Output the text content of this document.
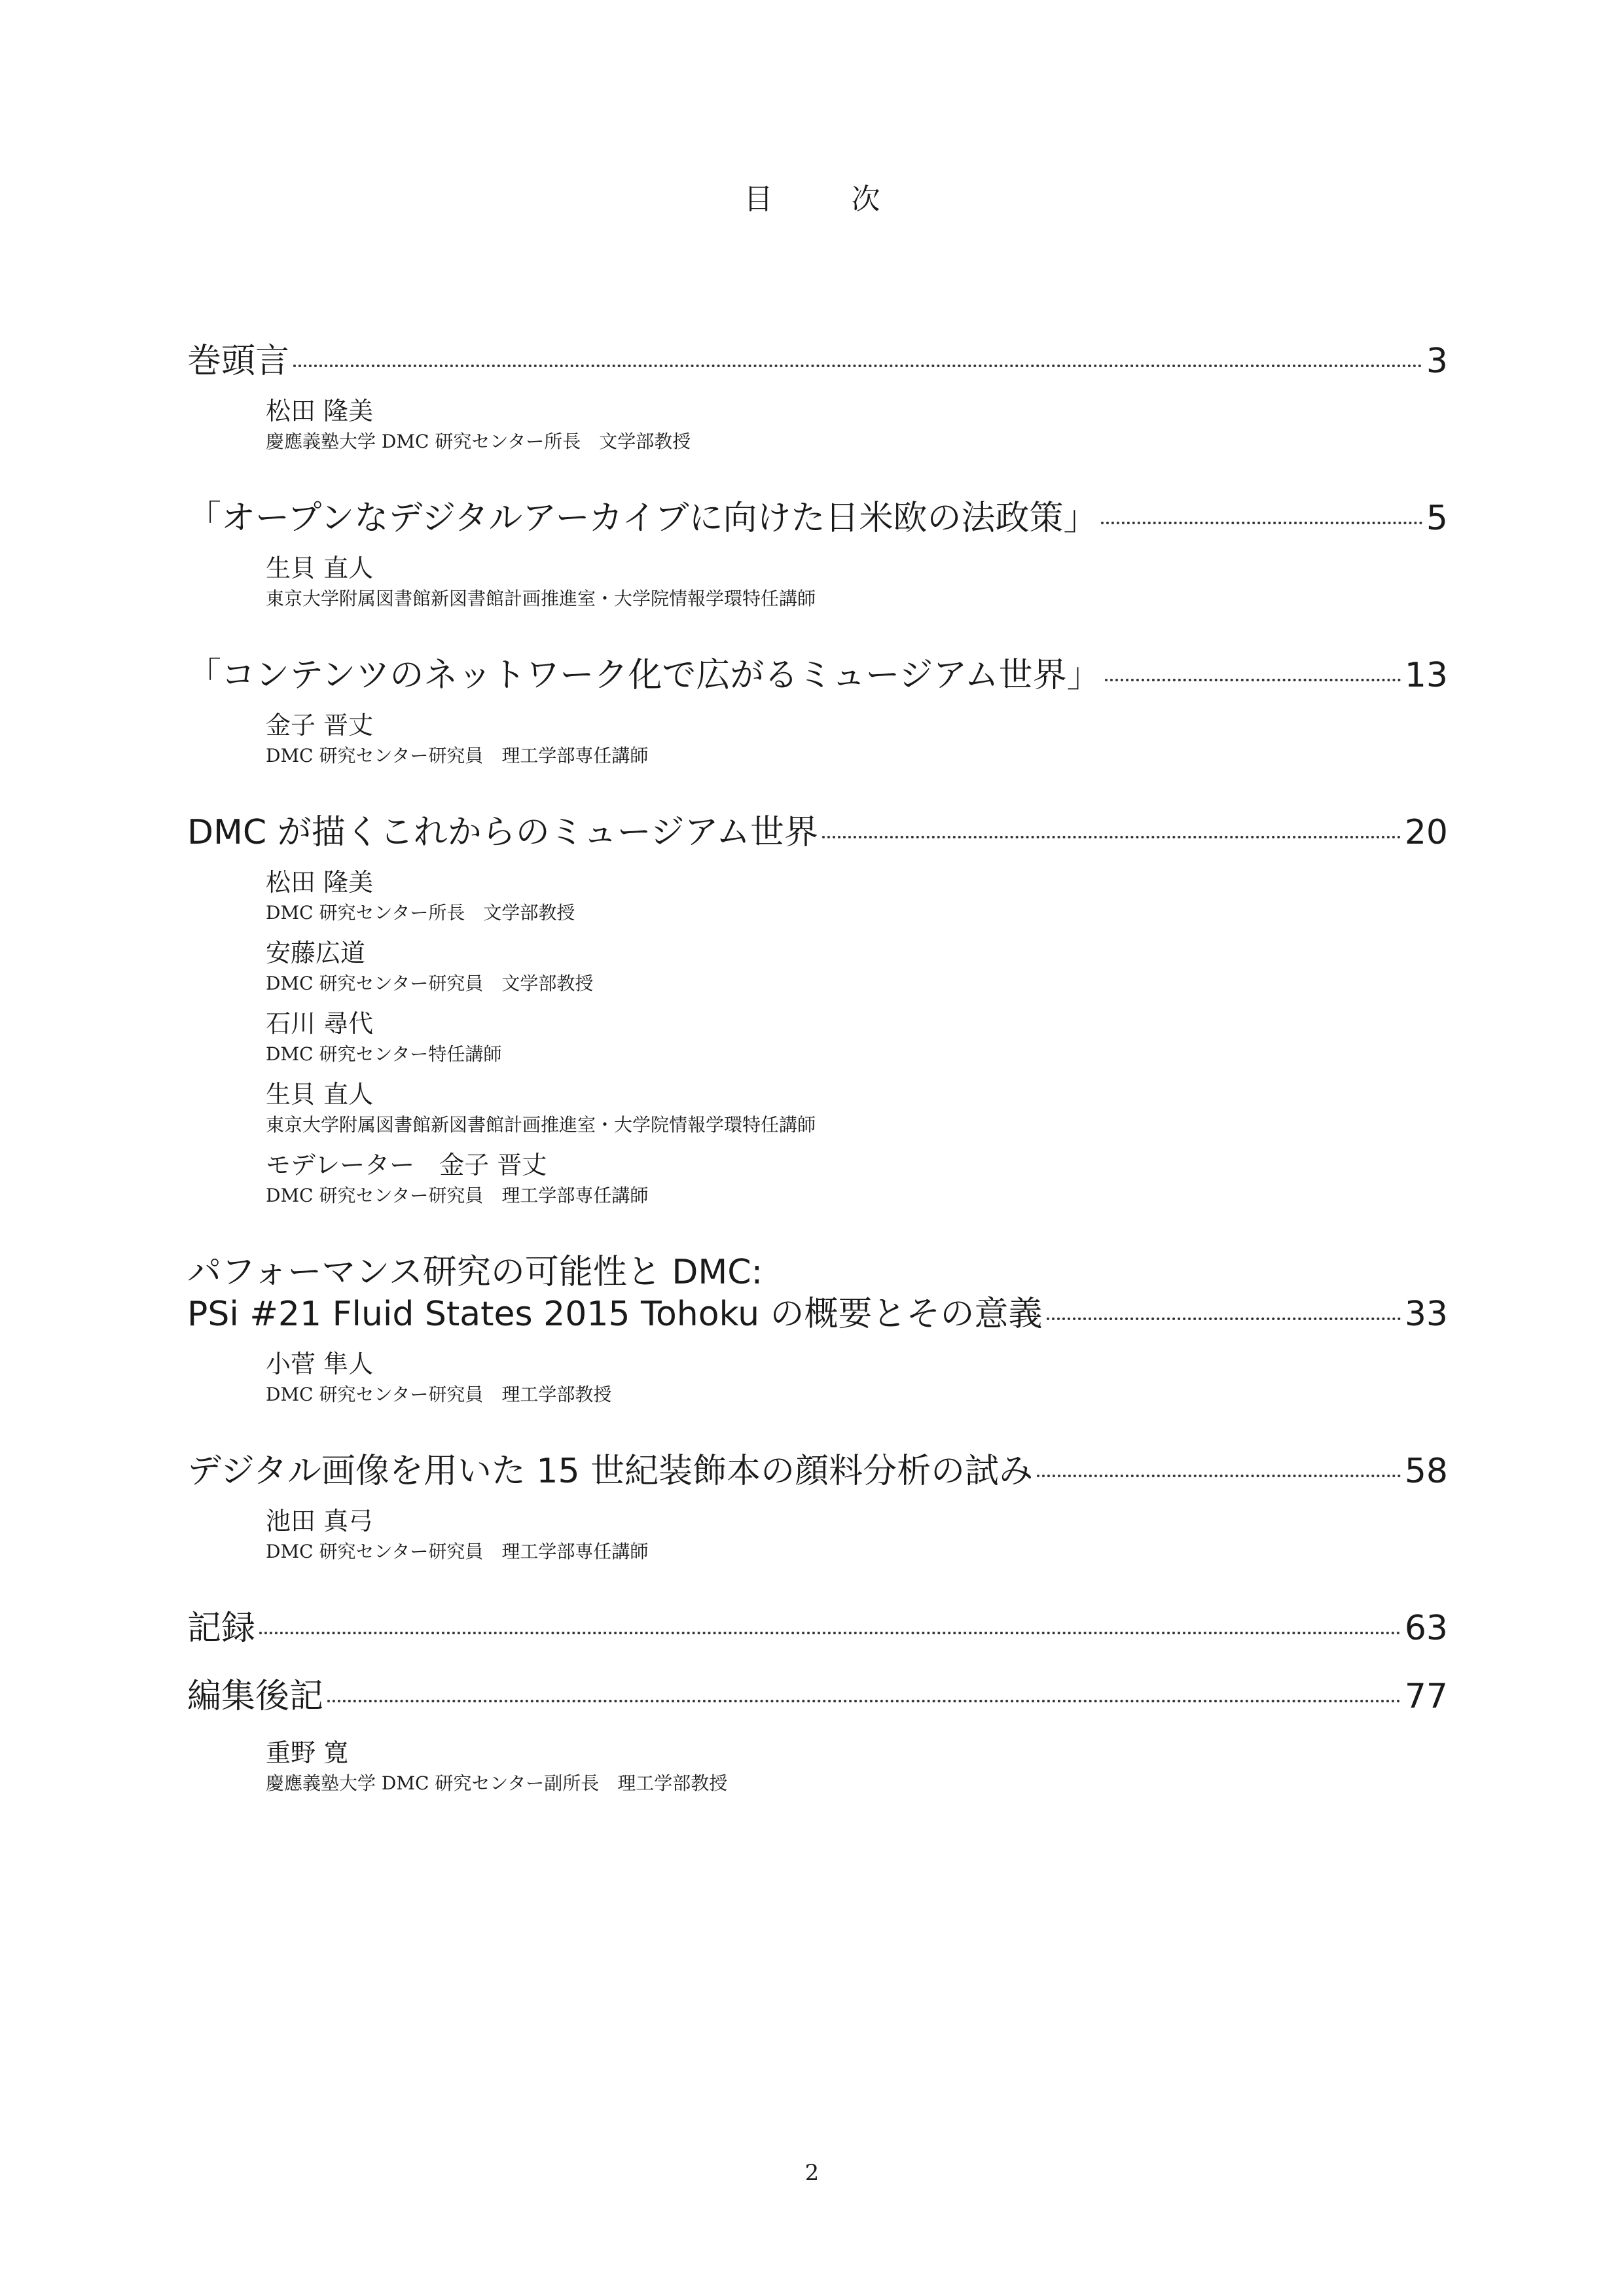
目次
巻頭言	3
松田 隆美
慶應義塾大学 DMC 研究センター所長　文学部教授
「オープンなデジタルアーカイブに向けた日米欧の法政策」	5
生貝 直人
東京大学附属図書館新図書館計画推進室・大学院情報学環特任講師
「コンテンツのネットワーク化で広がるミュージアム世界」	13
金子 晋丈
DMC 研究センター研究員　理工学部専任講師
DMC が描くこれからのミュージアム世界	20
松田 隆美
DMC 研究センター所長　文学部教授
安藤広道
DMC 研究センター研究員　文学部教授
石川 尋代
DMC 研究センター特任講師
生貝 直人
東京大学附属図書館新図書館計画推進室・大学院情報学環特任講師
モデレーター　金子 晋丈
DMC 研究センター研究員　理工学部専任講師
パフォーマンス研究の可能性と DMC:
PSi #21 Fluid States 2015 Tohoku の概要とその意義	33
小菅 隼人
DMC 研究センター研究員　理工学部教授
デジタル画像を用いた 15 世紀装飾本の顔料分析の試み	58
池田 真弓
DMC 研究センター研究員　理工学部専任講師
記録	63
編集後記	77
重野 寛
慶應義塾大学 DMC 研究センター副所長　理工学部教授
2
